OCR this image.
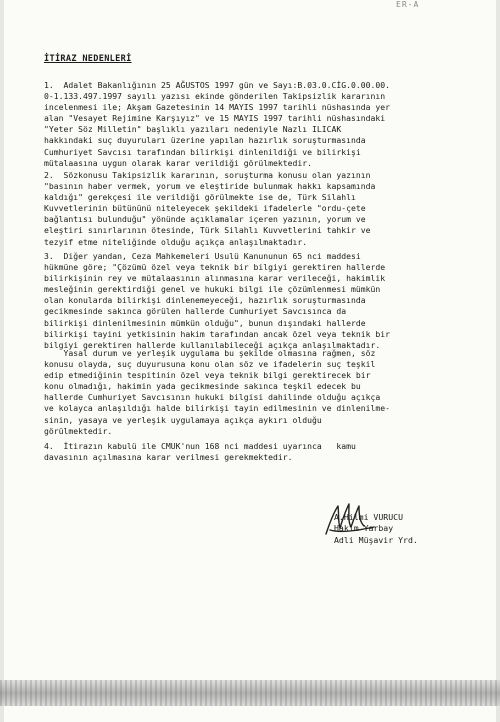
ER-A
İTİRAZ NEDENLERİ

1.  Adalet Bakanlığının 25 AĞUSTOS 1997 gün ve Sayı:B.03.0.CİG.0.00.00.
0-1.133.497.1997 sayılı yazısı ekinde gönderilen Takipsizlik kararının
incelenmesi ile; Akşam Gazetesinin 14 MAYIS 1997 tarihli nüshasında yer
alan "Vesayet Rejimine Karşıyız" ve 15 MAYIS 1997 tarihli nüshasındaki
"Yeter Söz Milletin" başlıklı yazıları nedeniyle Nazlı ILICAK
hakkındaki suç duyuruları üzerine yapılan hazırlık soruşturmasında
Cumhuriyet Savcısı tarafından bilirkişi dinlenildiği ve bilirkişi
mütalaasına uygun olarak karar verildiği görülmektedir.

2.  Sözkonusu Takipsizlik kararının, soruşturma konusu olan yazının
"basının haber vermek, yorum ve eleştiride bulunmak hakkı kapsamında
kaldığı" gerekçesi ile verildiği görülmekte ise de, Türk Silahlı
Kuvvetlerinin bütününü niteleyecek şekildeki ifadelerle "ordu-çete
bağlantısı bulunduğu" yönünde açıklamalar içeren yazının, yorum ve
eleştiri sınırlarının ötesinde, Türk Silahlı Kuvvetlerini tahkir ve
tezyif etme niteliğinde olduğu açıkça anlaşılmaktadır.

3.  Diğer yandan, Ceza Mahkemeleri Usulü Kanununun 65 nci maddesi
hükmüne göre; "Çözümü özel veya teknik bir bilgiyi gerektiren hallerde
bilirkişinin rey ve mütalaasının alınmasına karar verileceği, hakimlik
mesleğinin gerektirdiği genel ve hukuki bilgi ile çözümlenmesi mümkün
olan konularda bilirkişi dinlenemeyeceği, hazırlık soruşturmasında
gecikmesinde sakınca görülen hallerde Cumhuriyet Savcısınca da
bilirkişi dinlenilmesinin mümkün olduğu", bunun dışındaki hallerde
bilirkişi tayini yetkisinin hakim tarafından ancak özel veya teknik bir
bilgiyi gerektiren hallerde kullanılabileceği açıkça anlaşılmaktadır.

Yasal durum ve yerleşik uygulama bu şekilde olmasına rağmen, söz
konusu olayda, suç duyurusuna konu olan söz ve ifadelerin suç teşkil
edip etmediğinin tespitinin özel veya teknik bilgi gerektirecek bir
konu olmadığı, hakimin yada gecikmesinde sakınca teşkil edecek bu
hallerde Cumhuriyet Savcısının hukuki bilgisi dahilinde olduğu açıkça
ve kolayca anlaşıldığı halde bilirkişi tayin edilmesinin ve dinlenilme-
sinin, yasaya ve yerleşik uygulamaya açıkça aykırı olduğu
görülmektedir.

4.  İtirazın kabulü ile CMUK'nun 168 nci maddesi uyarınca   kamu
davasının açılmasına karar verilmesi gerekmektedir.

A.Hilmi VURUCU
Hakim Yarbay
Adli Müşavir Yrd.
